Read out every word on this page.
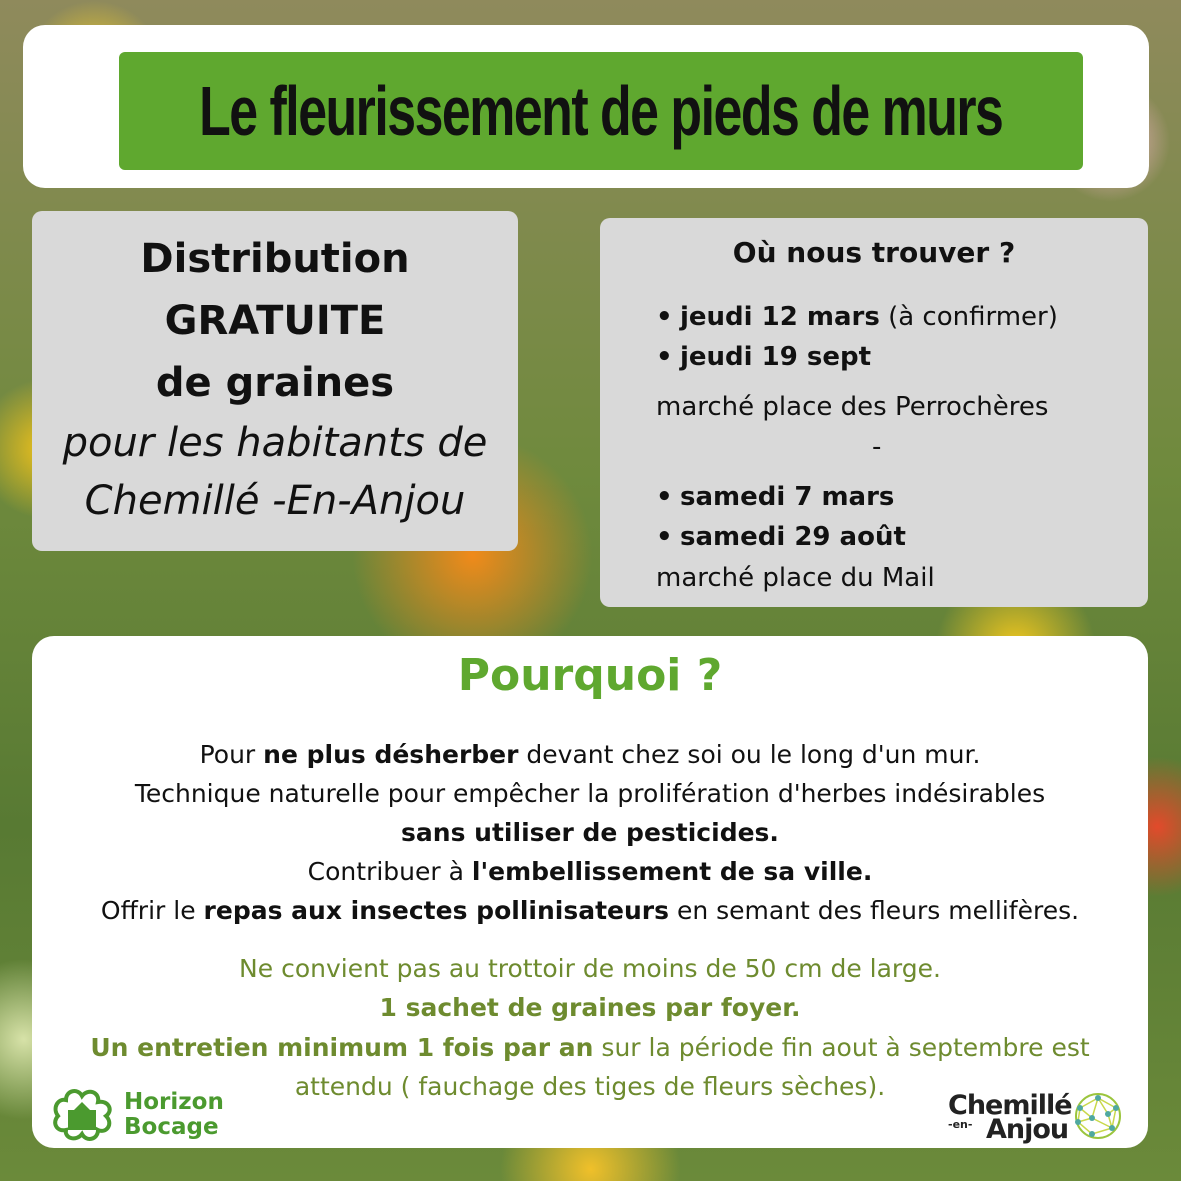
Le fleurissement de pieds de murs
Distribution
GRATUITE
de graines
pour les habitants de
Chemillé -En-Anjou
Où nous trouver ?
• jeudi 12 mars (à confirmer)
• jeudi 19 sept
marché place des Perrochères
-
• samedi 7 mars
• samedi 29 août
marché place du Mail
Pourquoi ?
Pour ne plus désherber devant chez soi ou le long d'un mur.
Technique naturelle pour empêcher la prolifération d'herbes indésirables
sans utiliser de pesticides.
Contribuer à l'embellissement de sa ville.
Offrir le repas aux insectes pollinisateurs en semant des fleurs mellifères.
Ne convient pas au trottoir de moins de 50 cm de large.
1 sachet de graines par foyer.
Un entretien minimum 1 fois par an sur la période fin aout à septembre est
attendu ( fauchage des tiges de fleurs sèches).
Horizon
Bocage
Chemillé
-en- Anjou
